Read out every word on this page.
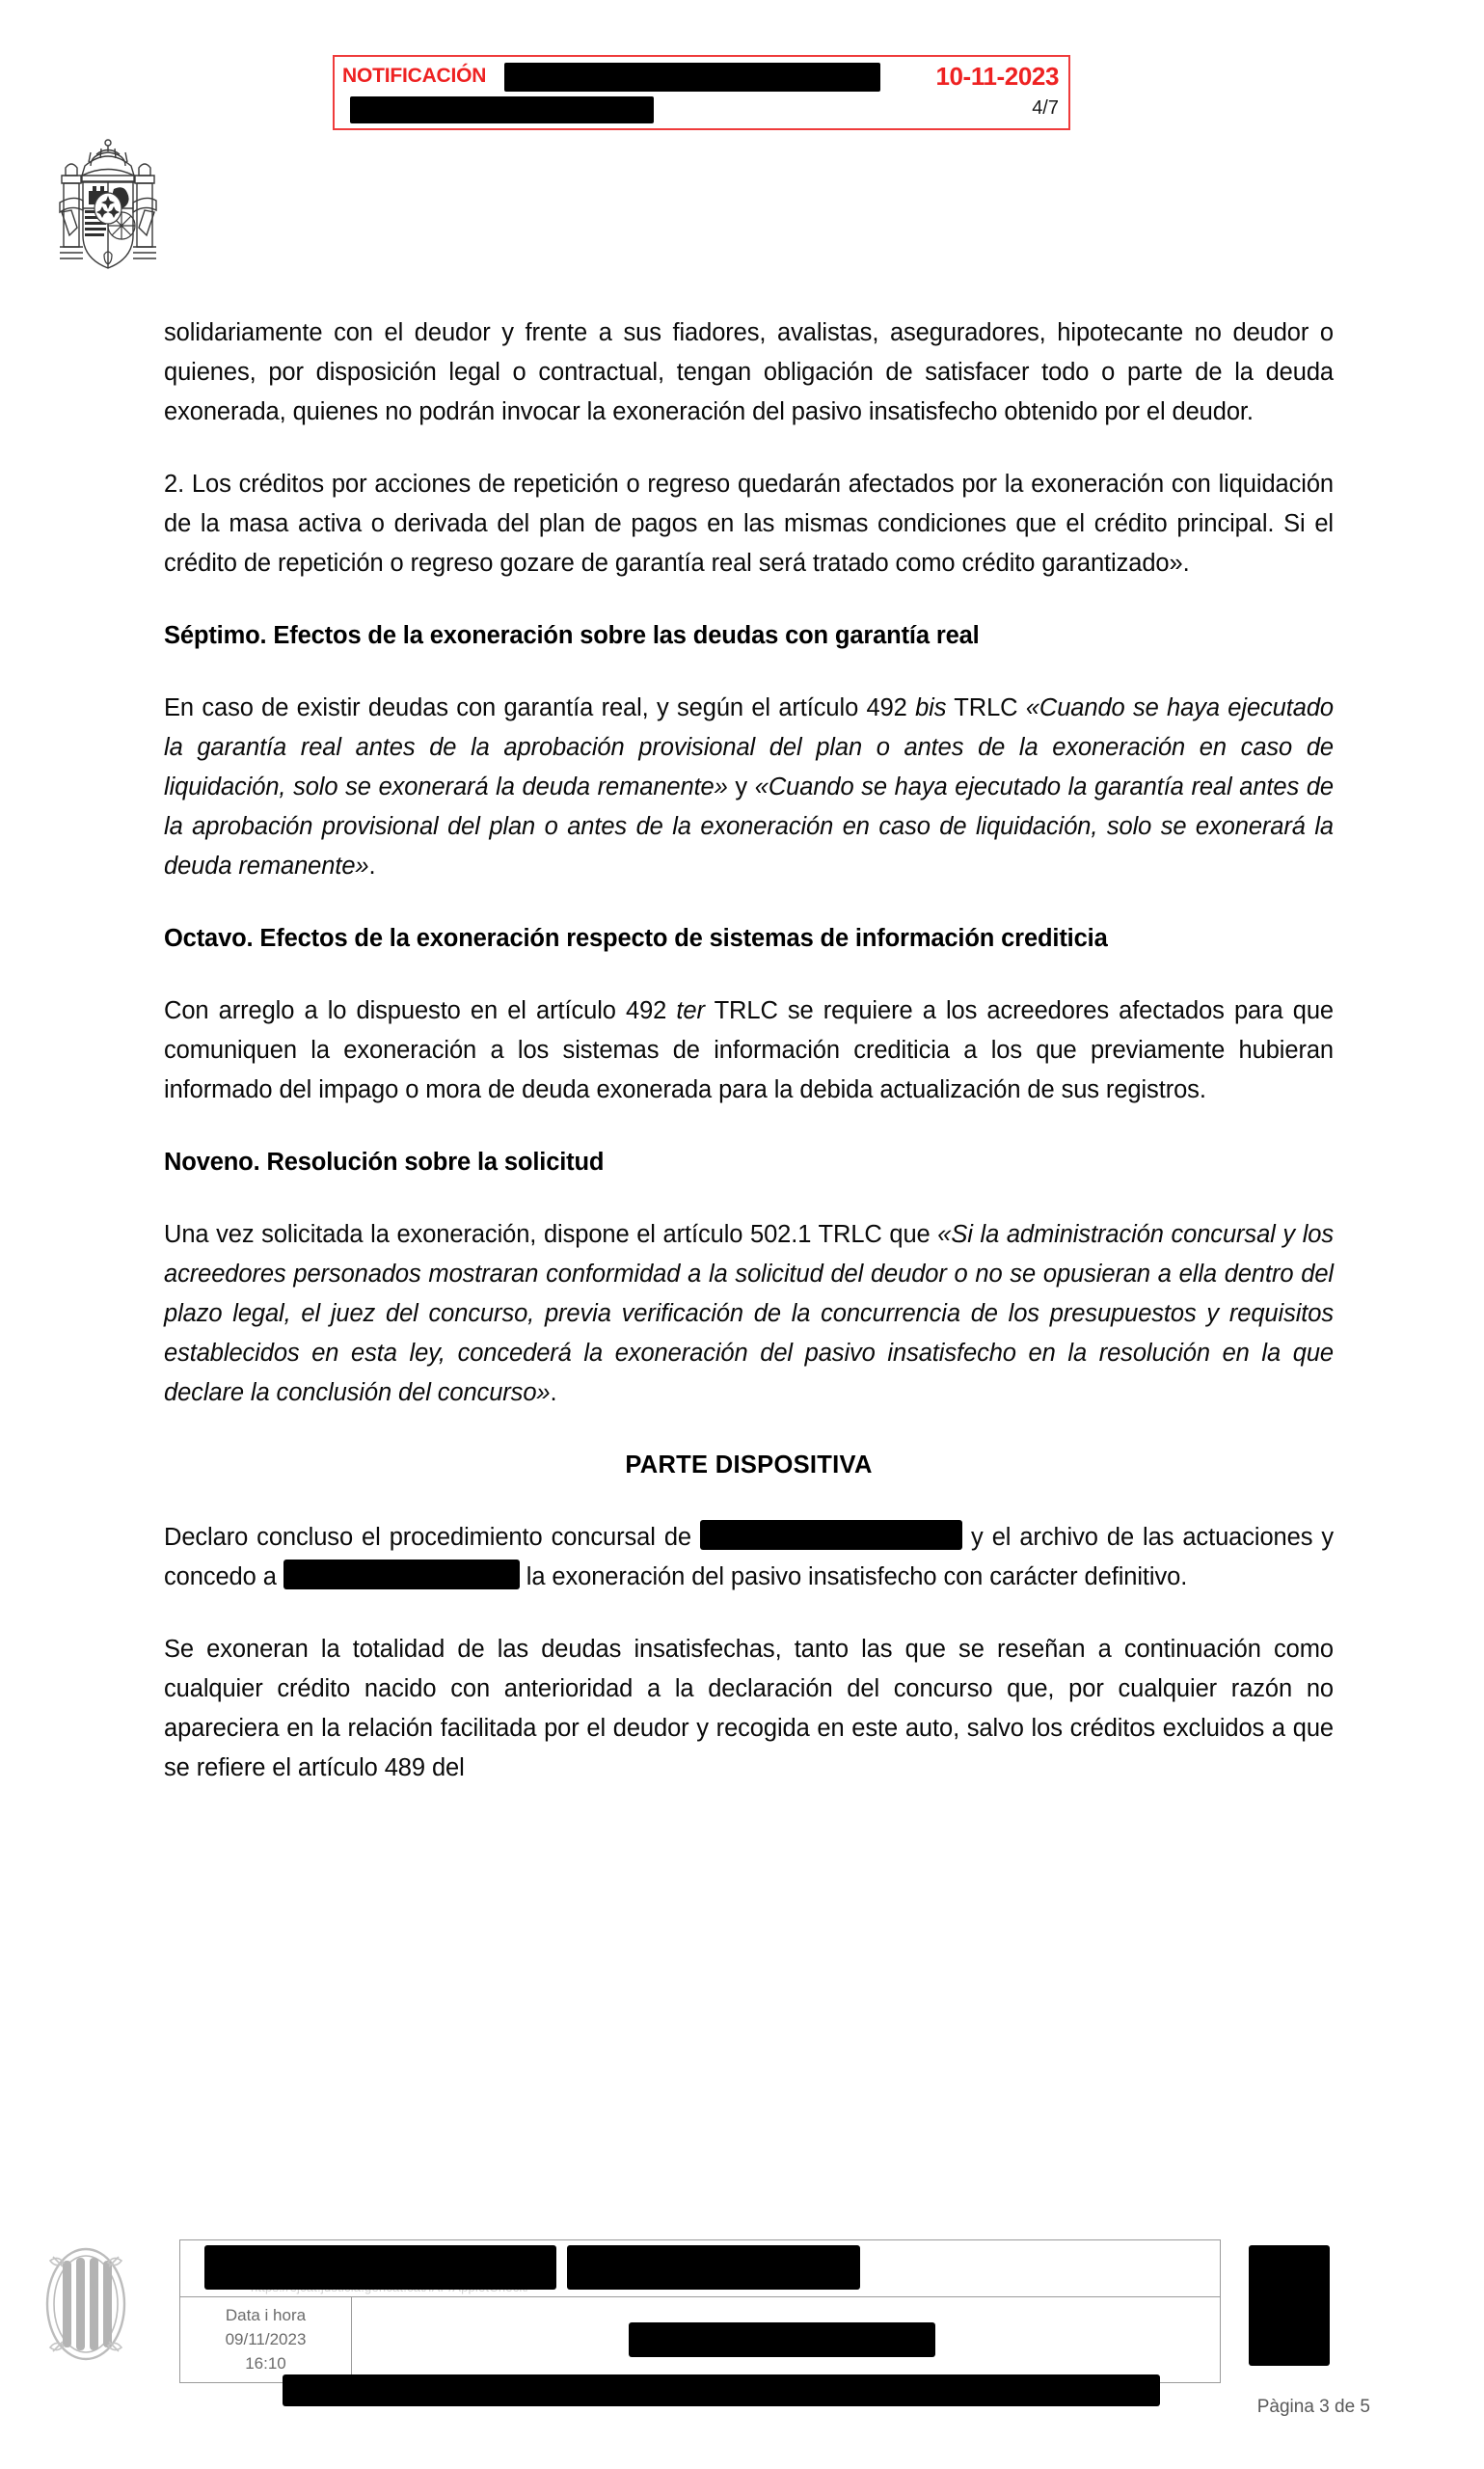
NOTIFICACIÓN	10-11-2023
4/7

solidariamente con el deudor y frente a sus fiadores, avalistas, aseguradores, hipotecante no deudor o quienes, por disposición legal o contractual, tengan obligación de satisfacer todo o parte de la deuda exonerada, quienes no podrán invocar la exoneración del pasivo insatisfecho obtenido por el deudor.

2. Los créditos por acciones de repetición o regreso quedarán afectados por la exoneración con liquidación de la masa activa o derivada del plan de pagos en las mismas condiciones que el crédito principal. Si el crédito de repetición o regreso gozare de garantía real será tratado como crédito garantizado».

Séptimo. Efectos de la exoneración sobre las deudas con garantía real

En caso de existir deudas con garantía real, y según el artículo 492 bis TRLC «Cuando se haya ejecutado la garantía real antes de la aprobación provisional del plan o antes de la exoneración en caso de liquidación, solo se exonerará la deuda remanente» y «Cuando se haya ejecutado la garantía real antes de la aprobación provisional del plan o antes de la exoneración en caso de liquidación, solo se exonerará la deuda remanente».

Octavo. Efectos de la exoneración respecto de sistemas de información crediticia

Con arreglo a lo dispuesto en el artículo 492 ter TRLC se requiere a los acreedores afectados para que comuniquen la exoneración a los sistemas de información crediticia a los que previamente hubieran informado del impago o mora de deuda exonerada para la debida actualización de sus registros.

Noveno. Resolución sobre la solicitud

Una vez solicitada la exoneración, dispone el artículo 502.1 TRLC que «Si la administración concursal y los acreedores personados mostraran conformidad a la solicitud del deudor o no se opusieran a ella dentro del plazo legal, el juez del concurso, previa verificación de la concurrencia de los presupuestos y requisitos establecidos en esta ley, concederá la exoneración del pasivo insatisfecho en la resolución en la que declare la conclusión del concurso».

PARTE DISPOSITIVA

Declaro concluso el procedimiento concursal de	y el archivo de las actuaciones y concedo a	la exoneración del pasivo insatisfecho con carácter definitivo.

Se exoneran la totalidad de las deudas insatisfechas, tanto las que se reseñan a continuación como cualquier crédito nacido con anterioridad a la declaración del concurso que, por cualquier razón no apareciera en la relación facilitada por el deudor y recogida en este auto, salvo los créditos excluidos a que se refiere el artículo 489 del

Data i hora
09/11/2023
16:10
Pàgina 3 de 5
